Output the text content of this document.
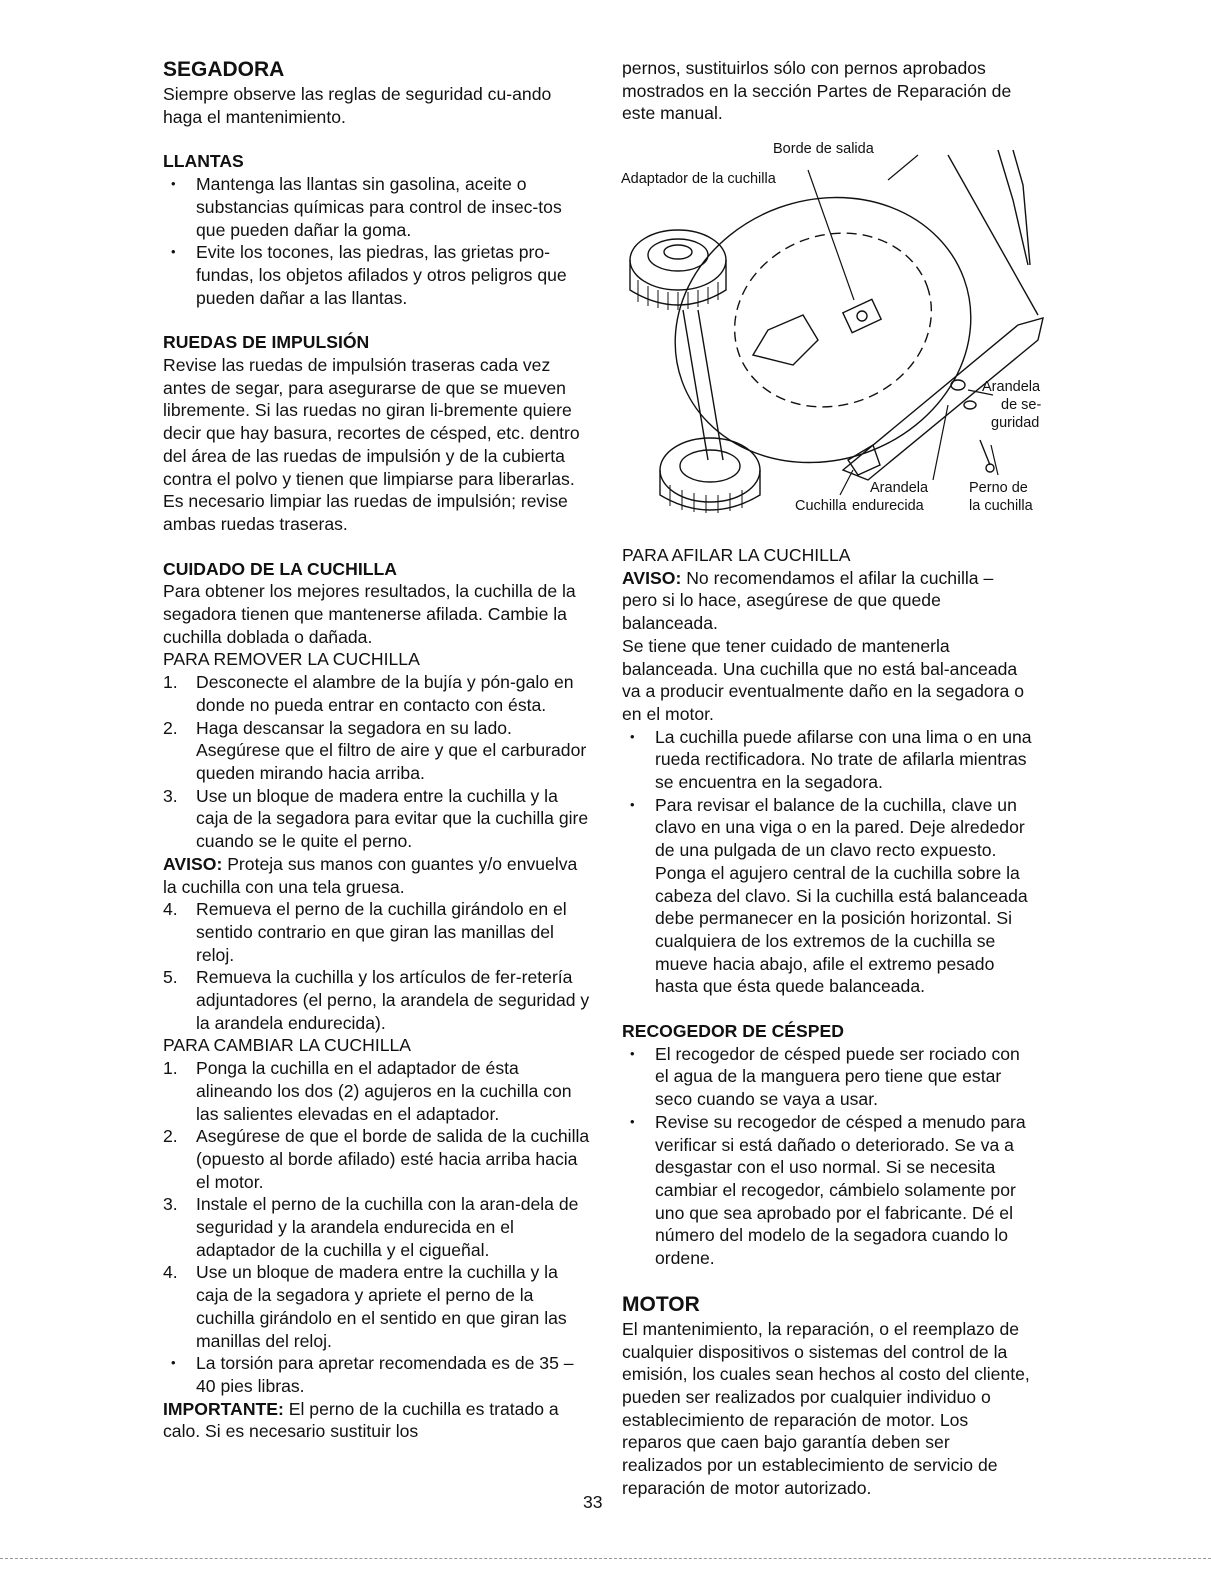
SEGADORA

Siempre observe las reglas de seguridad cu-ando haga el mantenimiento.

LLANTAS
• Mantenga las llantas sin gasolina, aceite o substancias químicas para control de insec-tos que pueden dañar la goma.
• Evite los tocones, las piedras, las grietas pro-fundas, los objetos afilados y otros peligros que pueden dañar a las llantas.
RUEDAS DE IMPULSIÓN

Revise las ruedas de impulsión traseras cada vez antes de segar, para asegurarse de que se mueven libremente. Si las ruedas no giran li-bremente quiere decir que hay basura, recortes de césped, etc. dentro del área de las ruedas de impulsión y de la cubierta contra el polvo y tienen que limpiarse para liberarlas.

Es necesario limpiar las ruedas de impulsión; revise ambas ruedas traseras.

CUIDADO DE LA CUCHILLA

Para obtener los mejores resultados, la cuchilla de la segadora tienen que mantenerse afilada. Cambie la cuchilla doblada o dañada.

PARA REMOVER LA CUCHILLA

1. Desconecte el alambre de la bujía y pón-galo en donde no pueda entrar en contacto con ésta.
2. Haga descansar la segadora en su lado. Asegúrese que el filtro de aire y que el carburador queden mirando hacia arriba.
3. Use un bloque de madera entre la cuchilla y la caja de la segadora para evitar que la cuchilla gire cuando se le quite el perno.

AVISO: Proteja sus manos con guantes y/o envuelva la cuchilla con una tela gruesa.

4. Remueva el perno de la cuchilla girándolo en el sentido contrario en que giran las manillas del reloj.
5. Remueva la cuchilla y los artículos de fer-retería adjuntadores (el perno, la arandela de seguridad y la arandela endurecida).

PARA CAMBIAR LA CUCHILLA

1. Ponga la cuchilla en el adaptador de ésta alineando los dos (2) agujeros en la cuchilla con las salientes elevadas en el adaptador.
2. Asegúrese de que el borde de salida de la cuchilla (opuesto al borde afilado) esté hacia arriba hacia el motor.
3. Instale el perno de la cuchilla con la aran-dela de seguridad y la arandela endurecida en el adaptador de la cuchilla y el cigueñal.
4. Use un bloque de madera entre la cuchilla y la caja de la segadora y apriete el perno de la cuchilla girándolo en el sentido en que giran las manillas del reloj.
• La torsión para apretar recomendada es de 35 – 40 pies libras.

IMPORTANTE: El perno de la cuchilla es tratado a calo. Si es necesario sustituir los

pernos, sustituirlos sólo con pernos aprobados mostrados en la sección Partes de Reparación de este manual.

Borde de salida
Adaptador de la cuchilla
Arandela
de se-
guridad
Arandela
endurecida
Perno de
la cuchilla
Cuchilla

PARA AFILAR LA CUCHILLA

AVISO: No recomendamos el afilar la cuchilla – pero si lo hace, asegúrese de que quede balanceada.

Se tiene que tener cuidado de mantenerla balanceada. Una cuchilla que no está bal-anceada va a producir eventualmente daño en la segadora o en el motor.

• La cuchilla puede afilarse con una lima o en una rueda rectificadora. No trate de afilarla mientras se encuentra en la segadora.
• Para revisar el balance de la cuchilla, clave un clavo en una viga o en la pared. Deje alrededor de una pulgada de un clavo recto expuesto. Ponga el agujero central de la cuchilla sobre la cabeza del clavo. Si la cuchilla está balanceada debe permanecer en la posición horizontal. Si cualquiera de los extremos de la cuchilla se mueve hacia abajo, afile el extremo pesado hasta que ésta quede balanceada.
RECOGEDOR DE CÉSPED
• El recogedor de césped puede ser rociado con el agua de la manguera pero tiene que estar seco cuando se vaya a usar.
• Revise su recogedor de césped a menudo para verificar si está dañado o deteriorado. Se va a desgastar con el uso normal. Si se necesita cambiar el recogedor, cámbielo solamente por uno que sea aprobado por el fabricante. Dé el número del modelo de la segadora cuando lo ordene.
MOTOR

El mantenimiento, la reparación, o el reemplazo de cualquier dispositivos o sistemas del control de la emisión, los cuales sean hechos al costo del cliente, pueden ser realizados por cualquier individuo o establecimiento de reparación de motor. Los reparos que caen bajo garantía deben ser realizados por un establecimiento de servicio de reparación de motor autorizado.

33
